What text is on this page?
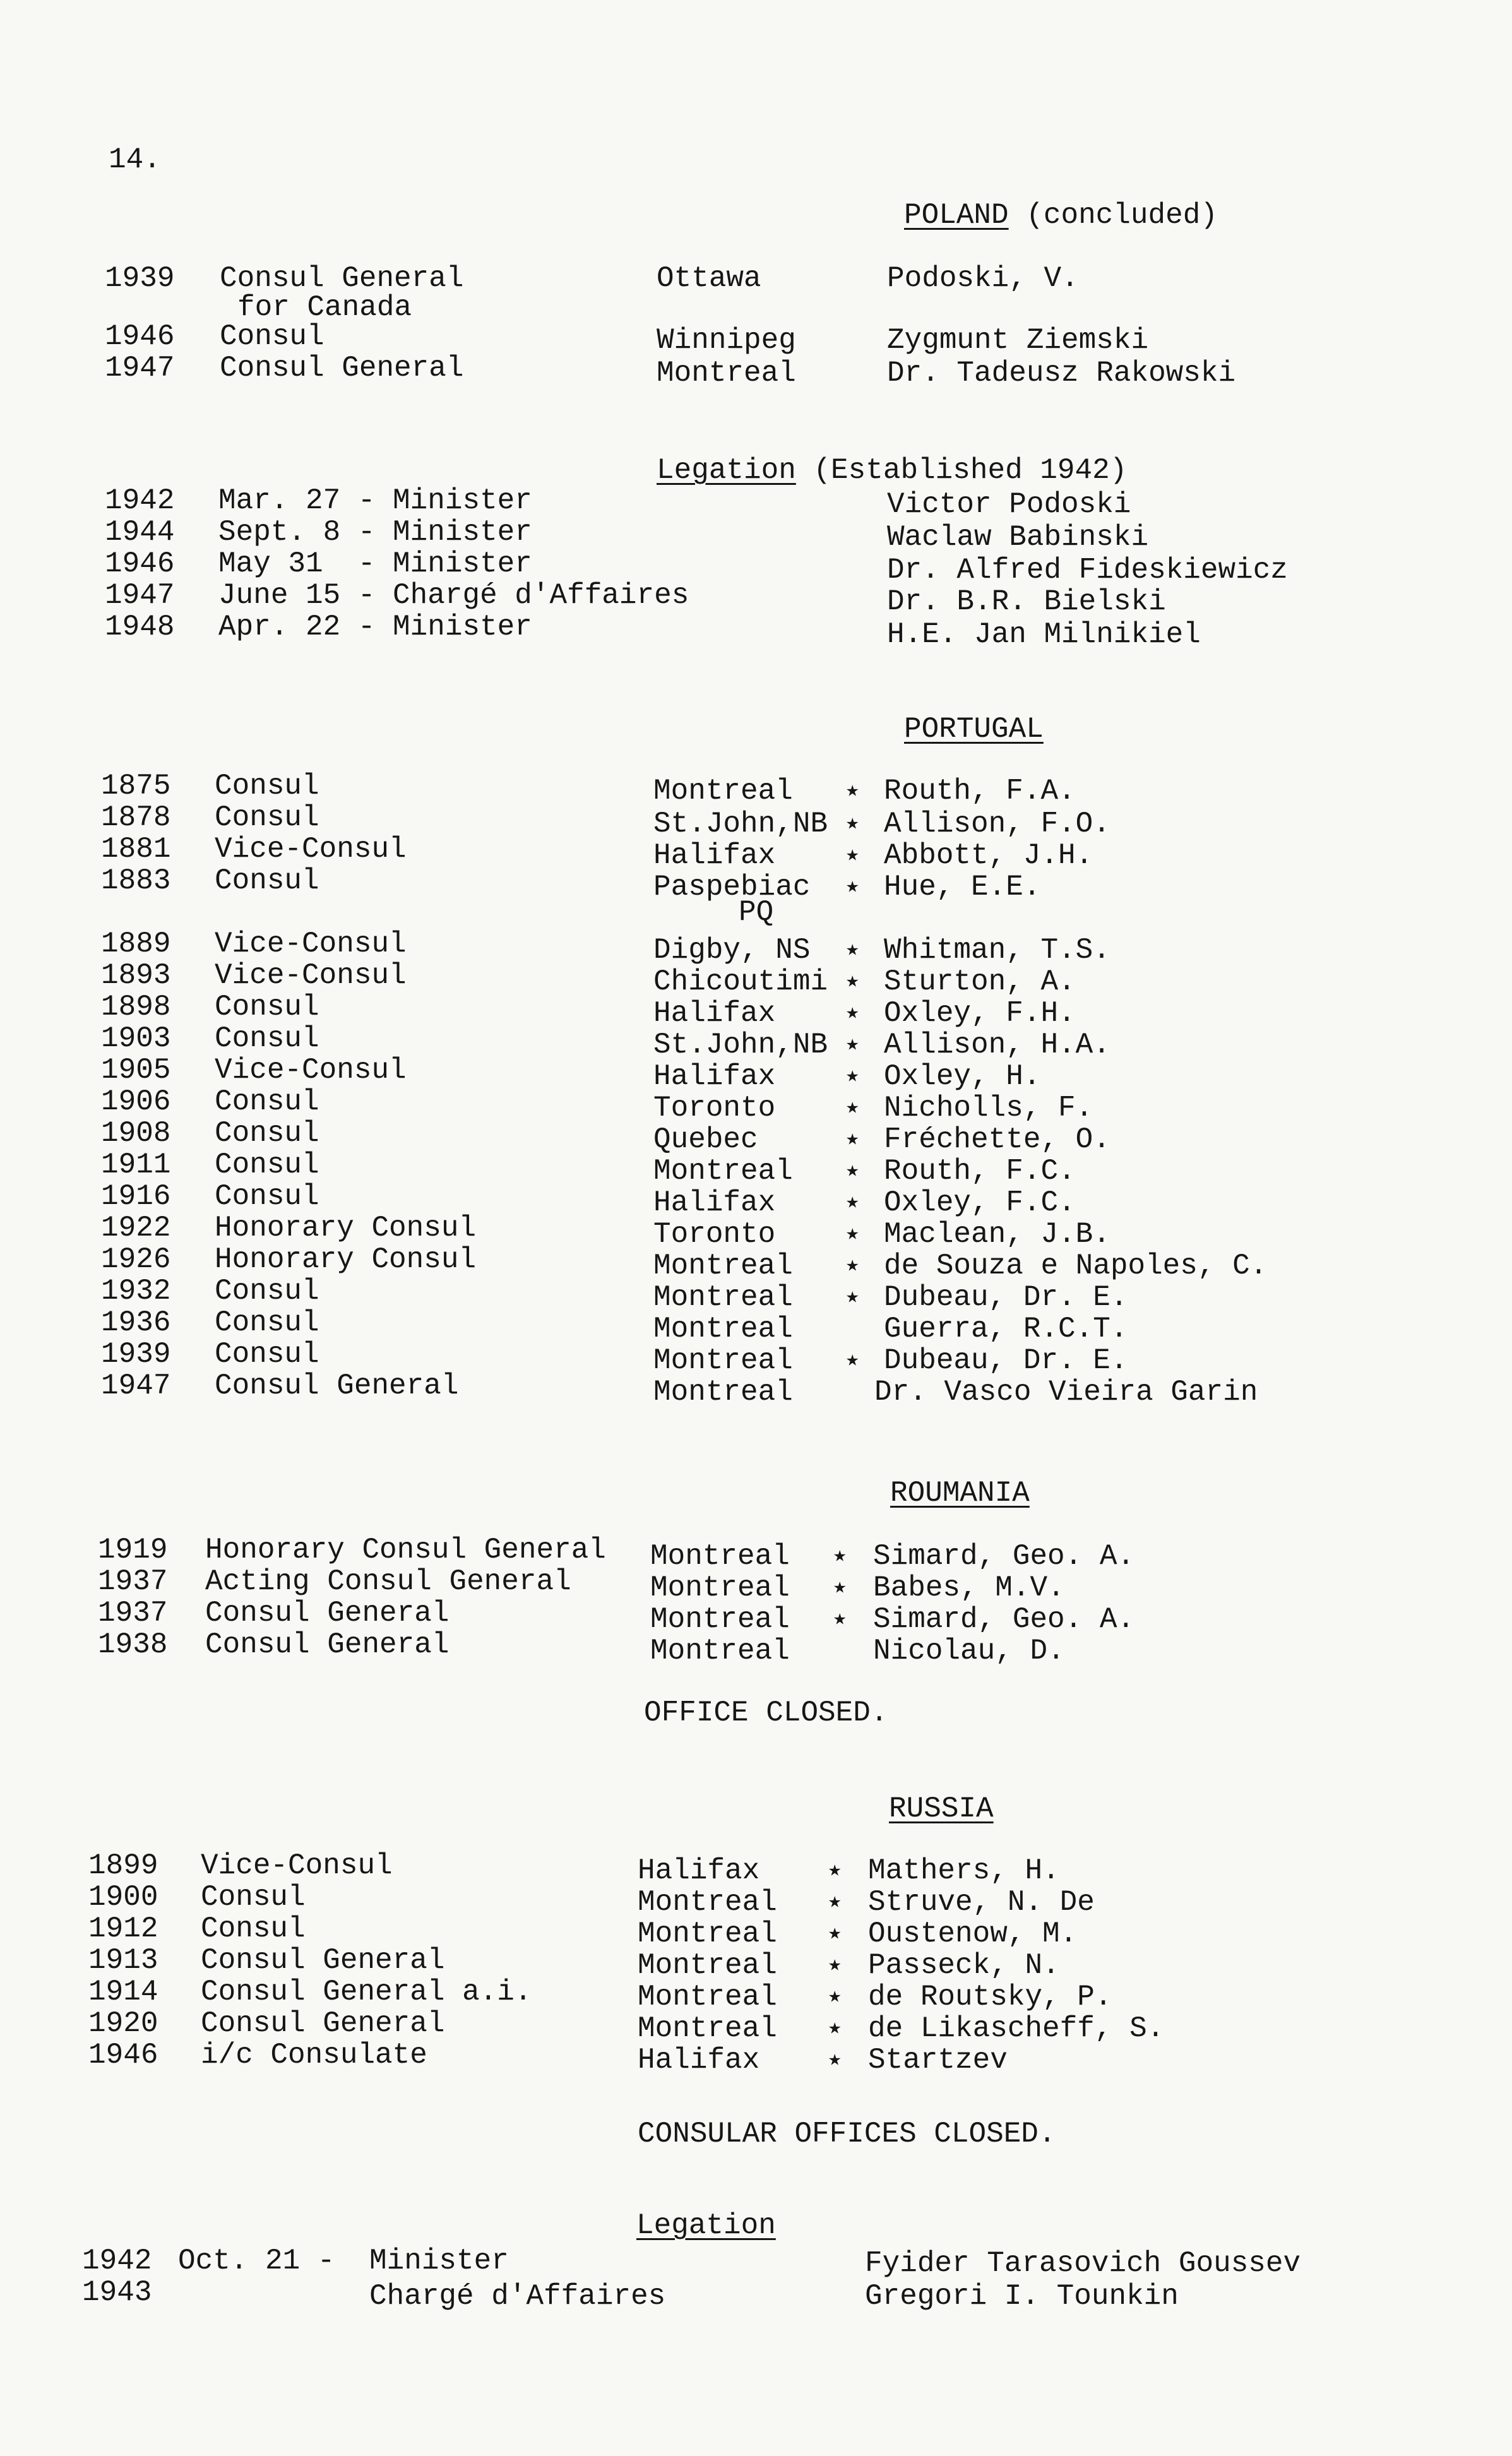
14.
POLAND (concluded)
1939 Consul General	Ottawa	Podoski, V.
for Canada
1946 Consul	Winnipeg	Zygmunt Ziemski
1947 Consul General	Montreal	Dr. Tadeusz Rakowski
Legation (Established 1942)
1942 Mar. 27 - Minister	Victor Podoski
1944 Sept. 8 - Minister	Waclaw Babinski
1946 May 31  - Minister	Dr. Alfred Fideskiewicz
1947 June 15 - Chargé d'Affaires	Dr. B.R. Bielski
1948 Apr. 22 - Minister	H.E. Jan Milnikiel
PORTUGAL
1875 Consul	Montreal ★ Routh, F.A.
1878 Consul	St.John,NB ★ Allison, F.O.
1881 Vice-Consul	Halifax	★ Abbott, J.H.
1883 Consul	Paspebiac ★ Hue, E.E.
PQ
1889 Vice-Consul	Digby, NS ★ Whitman, T.S.
1893 Vice-Consul	Chicoutimi ★ Sturton, A.
1898 Consul	Halifax	★ Oxley, F.H.
1903 Consul	St.John,NB ★ Allison, H.A.
1905 Vice-Consul	Halifax	★ Oxley, H.
1906 Consul	Toronto	★ Nicholls, F.
1908 Consul	Quebec	★ Fréchette, O.
1911 Consul	Montreal ★ Routh, F.C.
1916 Consul	Halifax	★ Oxley, F.C.
1922 Honorary Consul	Toronto	★ Maclean, J.B.
1926 Honorary Consul	Montreal ★ de Souza e Napoles, C.
1932 Consul	Montreal ★ Dubeau, Dr. E.
1936 Consul	Montreal	Guerra, R.C.T.
1939 Consul	Montreal ★ Dubeau, Dr. E.
1947 Consul General	Montreal	Dr. Vasco Vieira Garin
ROUMANIA
1919 Honorary Consul General Montreal ★ Simard, Geo. A.
1937 Acting Consul General	Montreal ★ Babes, M.V.
1937 Consul General	Montreal ★ Simard, Geo. A.
1938 Consul General	Montreal	Nicolau, D.
OFFICE CLOSED.
RUSSIA
1899 Vice-Consul	Halifax	★ Mathers, H.
1900 Consul	Montreal ★ Struve, N. De
1912 Consul	Montreal ★ Oustenow, M.
1913 Consul General	Montreal ★ Passeck, N.
1914 Consul General a.i.	Montreal ★ de Routsky, P.
1920 Consul General	Montreal ★ de Likascheff, S.
1946 i/c Consulate	Halifax	★ Startzev
CONSULAR OFFICES CLOSED.
Legation
1942 Oct. 21 - Minister	Fyider Tarasovich Goussev
1943	Chargé d'Affaires	Gregori I. Tounkin
